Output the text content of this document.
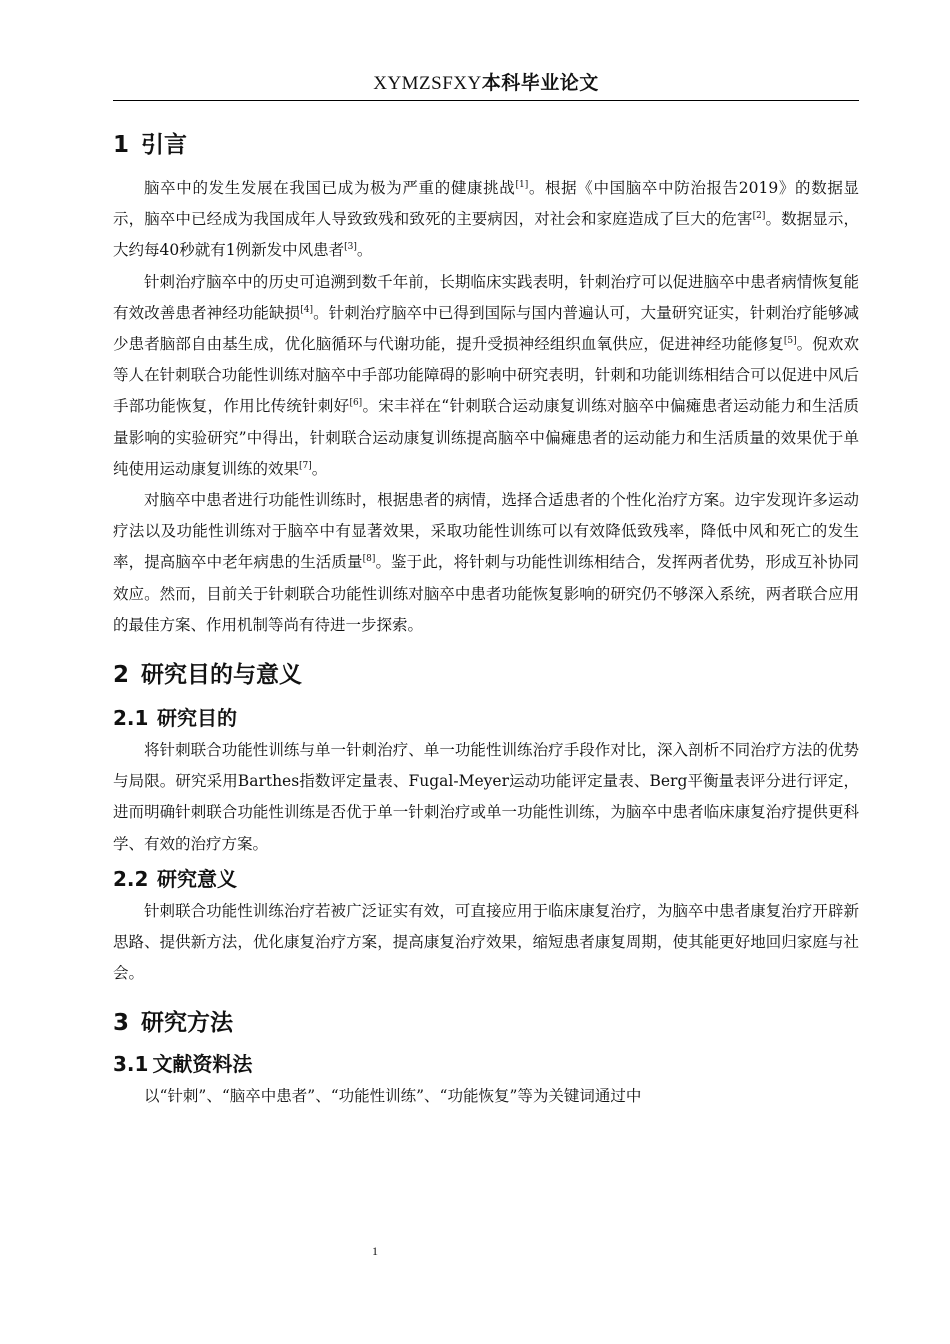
XYMZSFXY本科毕业论文
1 引言

脑卒中的发生发展在我国已成为极为严重的健康挑战[1]。根据《中国脑卒中防治报告2019》的数据显示，脑卒中已经成为我国成年人导致致残和致死的主要病因，对社会和家庭造成了巨大的危害[2]。数据显示，大约每40秒就有1例新发中风患者[3]。

针刺治疗脑卒中的历史可追溯到数千年前，长期临床实践表明，针刺治疗可以促进脑卒中患者病情恢复能有效改善患者神经功能缺损[4]。针刺治疗脑卒中已得到国际与国内普遍认可，大量研究证实，针刺治疗能够减少患者脑部自由基生成，优化脑循环与代谢功能，提升受损神经组织血氧供应，促进神经功能修复[5]。倪欢欢等人在针刺联合功能性训练对脑卒中手部功能障碍的影响中研究表明，针刺和功能训练相结合可以促进中风后手部功能恢复，作用比传统针刺好[6]。宋丰祥在“针刺联合运动康复训练对脑卒中偏瘫患者运动能力和生活质量影响的实验研究”中得出，针刺联合运动康复训练提高脑卒中偏瘫患者的运动能力和生活质量的效果优于单纯使用运动康复训练的效果[7]。

对脑卒中患者进行功能性训练时，根据患者的病情，选择合适患者的个性化治疗方案。边宇发现许多运动疗法以及功能性训练对于脑卒中有显著效果，采取功能性训练可以有效降低致残率，降低中风和死亡的发生率，提高脑卒中老年病患的生活质量[8]。鉴于此，将针刺与功能性训练相结合，发挥两者优势，形成互补协同效应。然而，目前关于针刺联合功能性训练对脑卒中患者功能恢复影响的研究仍不够深入系统，两者联合应用的最佳方案、作用机制等尚有待进一步探索。

2 研究目的与意义
2.1 研究目的

将针刺联合功能性训练与单一针刺治疗、单一功能性训练治疗手段作对比，深入剖析不同治疗方法的优势与局限。研究采用Barthes指数评定量表、Fugal-Meyer运动功能评定量表、Berg平衡量表评分进行评定，进而明确针刺联合功能性训练是否优于单一针刺治疗或单一功能性训练，为脑卒中患者临床康复治疗提供更科学、有效的治疗方案。

2.2 研究意义

针刺联合功能性训练治疗若被广泛证实有效，可直接应用于临床康复治疗，为脑卒中患者康复治疗开辟新思路、提供新方法，优化康复治疗方案，提高康复治疗效果，缩短患者康复周期，使其能更好地回归家庭与社会。

3 研究方法
3.1 文献资料法

以“针刺”、“脑卒中患者”、“功能性训练”、“功能恢复”等为关键词通过中

1
